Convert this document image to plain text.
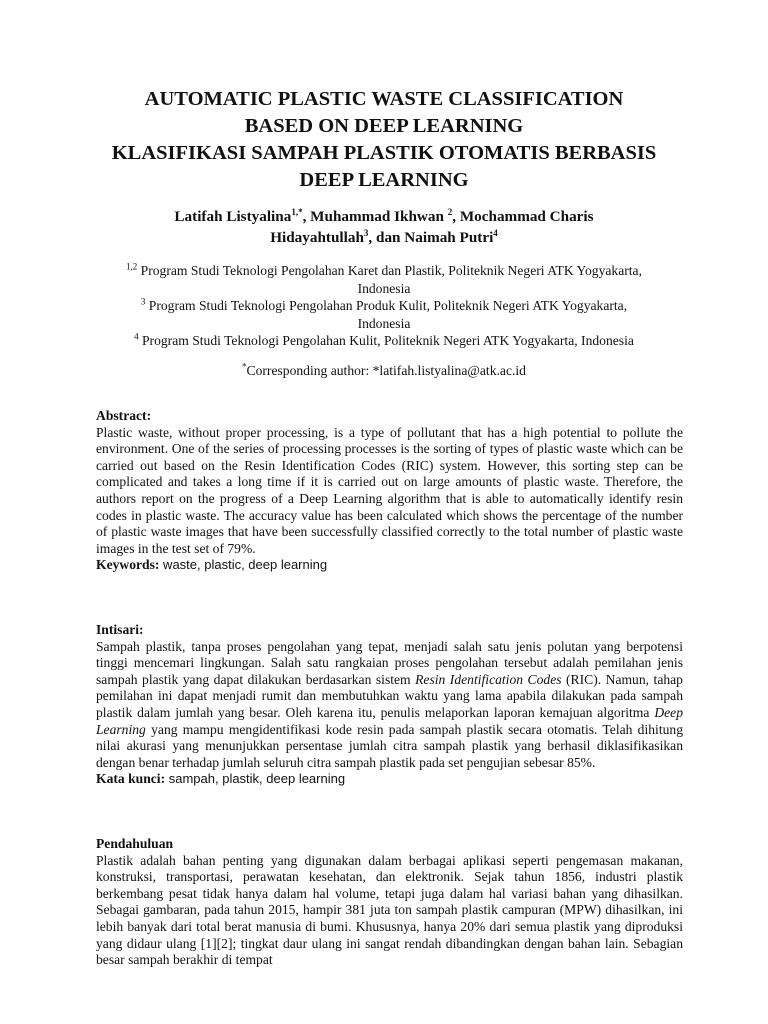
AUTOMATIC PLASTIC WASTE CLASSIFICATION
BASED ON DEEP LEARNING
KLASIFIKASI SAMPAH PLASTIK OTOMATIS BERBASIS
DEEP LEARNING
Latifah Listyalina$^{1,*}$, Muhammad Ikhwan $^2$, Mochammad Charis
Hidayahtullah$^3$, dan Naimah Putri$^4$
$^{1,2}$ Program Studi Teknologi Pengolahan Karet dan Plastik, Politeknik Negeri ATK Yogyakarta,
Indonesia
$^3$ Program Studi Teknologi Pengolahan Produk Kulit, Politeknik Negeri ATK Yogyakarta,
Indonesia
$^4$ Program Studi Teknologi Pengolahan Kulit, Politeknik Negeri ATK Yogyakarta, Indonesia
*Corresponding author: *latifah.listyalina@atk.ac.id
Abstract:

Plastic waste, without proper processing, is a type of pollutant that has a high potential to pollute the environment. One of the series of processing processes is the sorting of types of plastic waste which can be carried out based on the Resin Identification Codes (RIC) system. However, this sorting step can be complicated and takes a long time if it is carried out on large amounts of plastic waste. Therefore, the authors report on the progress of a Deep Learning algorithm that is able to automatically identify resin codes in plastic waste. The accuracy value has been calculated which shows the percentage of the number of plastic waste images that have been successfully classified correctly to the total number of plastic waste images in the test set of 79%.

Keywords: waste, plastic, deep learning
Intisari:

Sampah plastik, tanpa proses pengolahan yang tepat, menjadi salah satu jenis polutan yang berpotensi tinggi mencemari lingkungan. Salah satu rangkaian proses pengolahan tersebut adalah pemilahan jenis sampah plastik yang dapat dilakukan berdasarkan sistem Resin Identification Codes (RIC). Namun, tahap pemilahan ini dapat menjadi rumit dan membutuhkan waktu yang lama apabila dilakukan pada sampah plastik dalam jumlah yang besar. Oleh karena itu, penulis melaporkan laporan kemajuan algoritma Deep Learning yang mampu mengidentifikasi kode resin pada sampah plastik secara otomatis. Telah dihitung nilai akurasi yang menunjukkan persentase jumlah citra sampah plastik yang berhasil diklasifikasikan dengan benar terhadap jumlah seluruh citra sampah plastik pada set pengujian sebesar 85%.

Kata kunci: sampah, plastik, deep learning
Pendahuluan

Plastik adalah bahan penting yang digunakan dalam berbagai aplikasi seperti pengemasan makanan, konstruksi, transportasi, perawatan kesehatan, dan elektronik. Sejak tahun 1856, industri plastik berkembang pesat tidak hanya dalam hal volume, tetapi juga dalam hal variasi bahan yang dihasilkan. Sebagai gambaran, pada tahun 2015, hampir 381 juta ton sampah plastik campuran (MPW) dihasilkan, ini lebih banyak dari total berat manusia di bumi. Khususnya, hanya 20% dari semua plastik yang diproduksi yang didaur ulang [1][2]; tingkat daur ulang ini sangat rendah dibandingkan dengan bahan lain. Sebagian besar sampah berakhir di tempat
